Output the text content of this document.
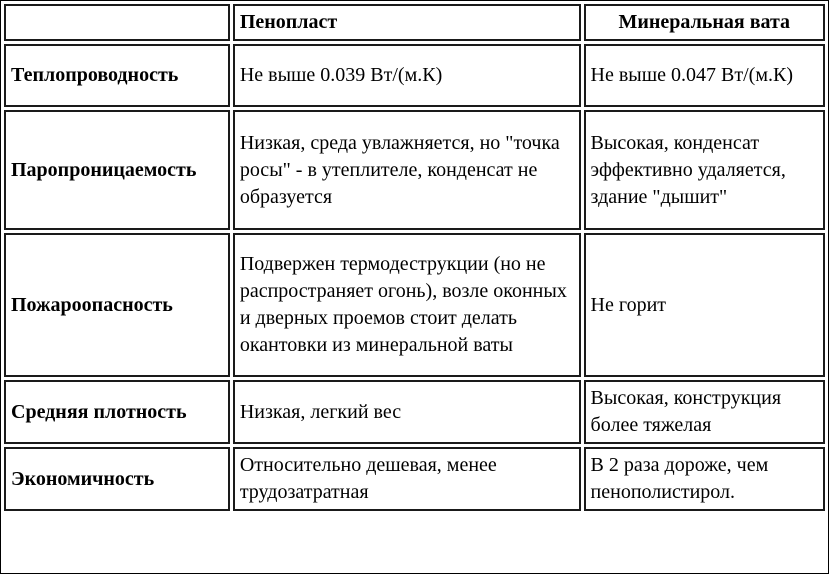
	Пенопласт	Минеральная вата
Теплопроводность	Не выше 0.039 Вт/(м.К)	Не выше 0.047 Вт/(м.К)
Паропроницаемость	Низкая, среда увлажняется, но "точка росы" - в утеплителе, конденсат не образуется	Высокая, конденсат эффективно удаляется, здание "дышит"
Пожароопасность	Подвержен термодеструкции (но не распространяет огонь), возле оконных и дверных проемов стоит делать окантовки из минеральной ваты	Не горит
Средняя плотность	Низкая, легкий вес	Высокая, конструкция более тяжелая
Экономичность	Относительно дешевая, менее трудозатратная	В 2 раза дороже, чем пенополистирол.
